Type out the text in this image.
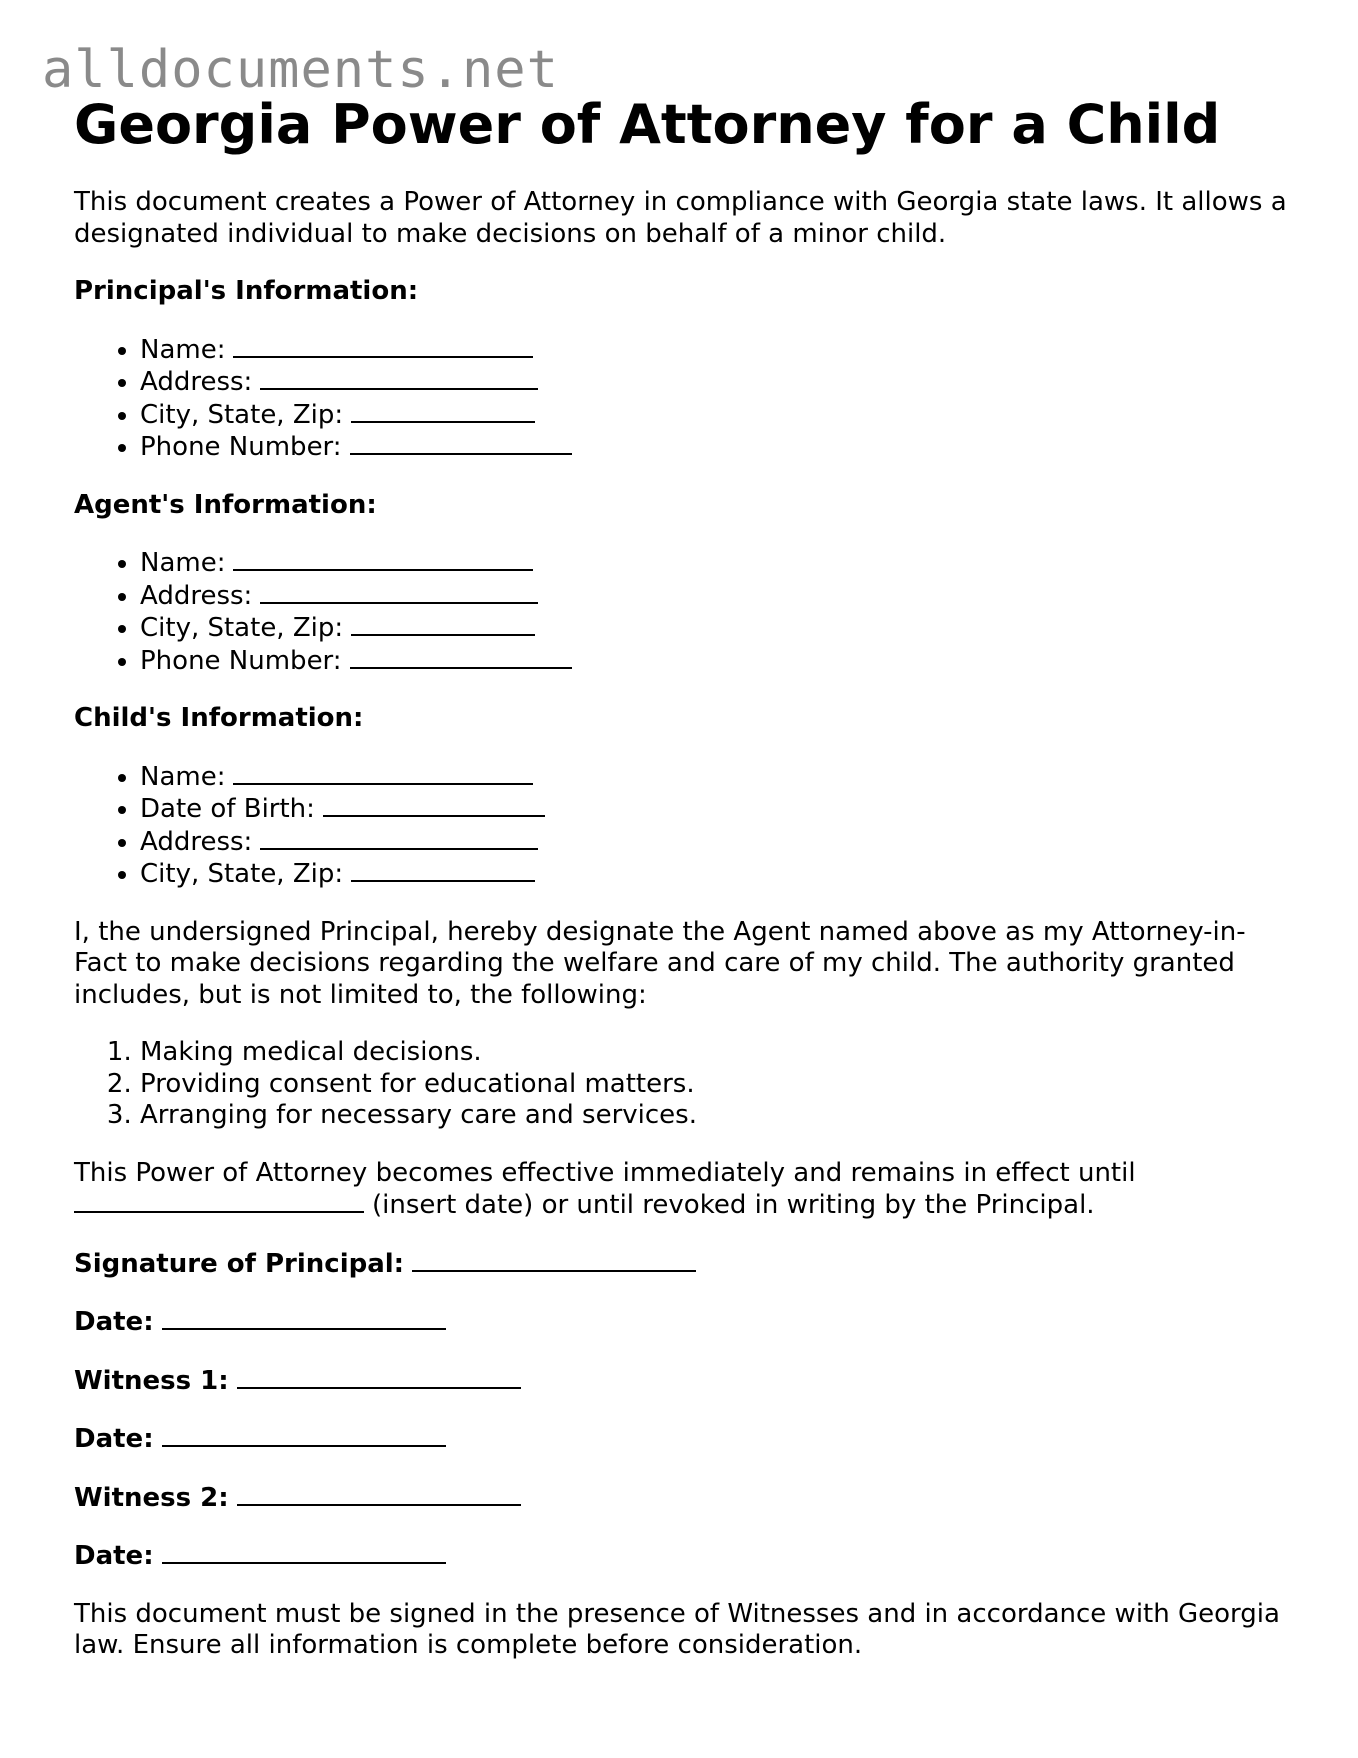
alldocuments.net
Georgia Power of Attorney for a Child

This document creates a Power of Attorney in compliance with Georgia state laws. It allows a designated individual to make decisions on behalf of a minor child.

Principal's Information:
• Name:
• Address:
• City, State, Zip:
• Phone Number:
Agent's Information:
• Name:
• Address:
• City, State, Zip:
• Phone Number:
Child's Information:
• Name:
• Date of Birth:
• Address:
• City, State, Zip:

I, the undersigned Principal, hereby designate the Agent named above as my Attorney-in-Fact to make decisions regarding the welfare and care of my child. The authority granted includes, but is not limited to, the following:

1. Making medical decisions.
2. Providing consent for educational matters.
3. Arranging for necessary care and services.

This Power of Attorney becomes effective immediately and remains in effect until
(insert date) or until revoked in writing by the Principal.

Signature of Principal:
Date:
Witness 1:
Date:
Witness 2:
Date:

This document must be signed in the presence of Witnesses and in accordance with Georgia law. Ensure all information is complete before consideration.
